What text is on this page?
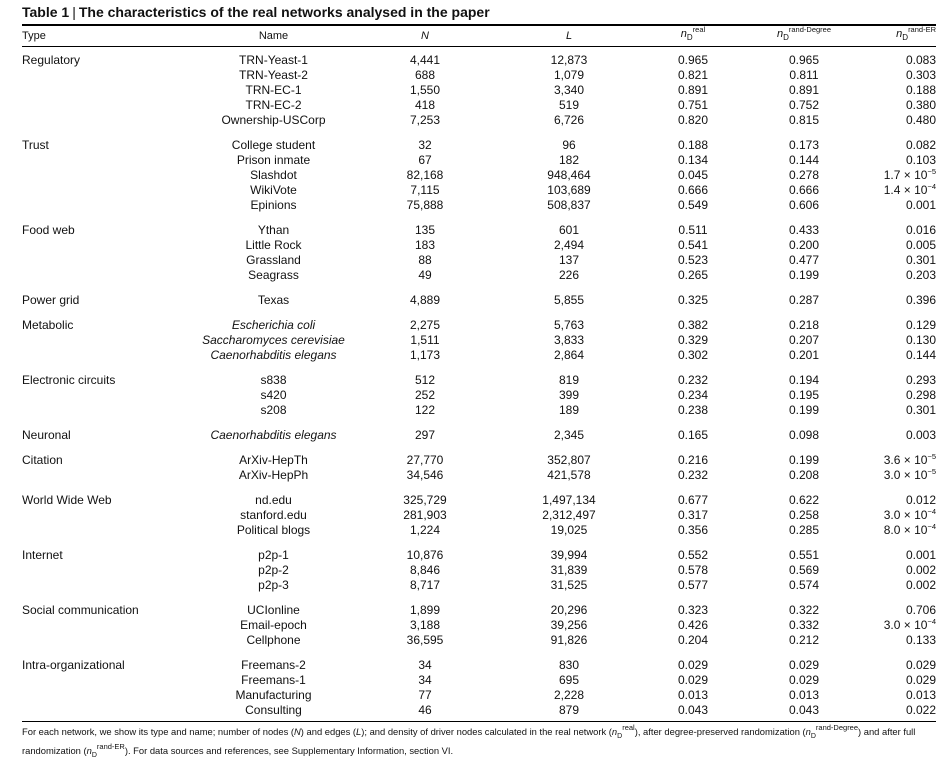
Table 1 | The characteristics of the real networks analysed in the paper
Type	Name	N	L	$n_D^{real}$	$n_D^{rand-Degree}$	$n_D^{rand-ER}$

Regulatory	TRN-Yeast-1	4,441	12,873	0.965	0.965	0.083
	TRN-Yeast-2	688	1,079	0.821	0.811	0.303
	TRN-EC-1	1,550	3,340	0.891	0.891	0.188
	TRN-EC-2	418	519	0.751	0.752	0.380
	Ownership-USCorp	7,253	6,726	0.820	0.815	0.480

Trust	College student	32	96	0.188	0.173	0.082
	Prison inmate	67	182	0.134	0.144	0.103
	Slashdot	82,168	948,464	0.045	0.278	$1.7 \times 10^{-5}$
	WikiVote	7,115	103,689	0.666	0.666	$1.4 \times 10^{-4}$
	Epinions	75,888	508,837	0.549	0.606	0.001

Food web	Ythan	135	601	0.511	0.433	0.016
	Little Rock	183	2,494	0.541	0.200	0.005
	Grassland	88	137	0.523	0.477	0.301
	Seagrass	49	226	0.265	0.199	0.203

Power grid	Texas	4,889	5,855	0.325	0.287	0.396

Metabolic	Escherichia coli	2,275	5,763	0.382	0.218	0.129
	Saccharomyces cerevisiae	1,511	3,833	0.329	0.207	0.130
	Caenorhabditis elegans	1,173	2,864	0.302	0.201	0.144

Electronic circuits	s838	512	819	0.232	0.194	0.293
	s420	252	399	0.234	0.195	0.298
	s208	122	189	0.238	0.199	0.301

Neuronal	Caenorhabditis elegans	297	2,345	0.165	0.098	0.003

Citation	ArXiv-HepTh	27,770	352,807	0.216	0.199	$3.6 \times 10^{-5}$
	ArXiv-HepPh	34,546	421,578	0.232	0.208	$3.0 \times 10^{-5}$

World Wide Web	nd.edu	325,729	1,497,134	0.677	0.622	0.012
	stanford.edu	281,903	2,312,497	0.317	0.258	$3.0 \times 10^{-4}$
	Political blogs	1,224	19,025	0.356	0.285	$8.0 \times 10^{-4}$

Internet	p2p-1	10,876	39,994	0.552	0.551	0.001
	p2p-2	8,846	31,839	0.578	0.569	0.002
	p2p-3	8,717	31,525	0.577	0.574	0.002

Social communication	UCIonline	1,899	20,296	0.323	0.322	0.706
	Email-epoch	3,188	39,256	0.426	0.332	$3.0 \times 10^{-4}$
	Cellphone	36,595	91,826	0.204	0.212	0.133

Intra-organizational	Freemans-2	34	830	0.029	0.029	0.029
	Freemans-1	34	695	0.029	0.029	0.029
	Manufacturing	77	2,228	0.013	0.013	0.013
	Consulting	46	879	0.043	0.043	0.022
For each network, we show its type and name; number of nodes (N) and edges (L); and density of driver nodes calculated in the real network $(n_D^{real})$, after degree-preserved randomization $(n_D^{rand-Degree})$ and after full randomization $(n_D^{rand-ER})$. For data sources and references, see Supplementary Information, section VI.
